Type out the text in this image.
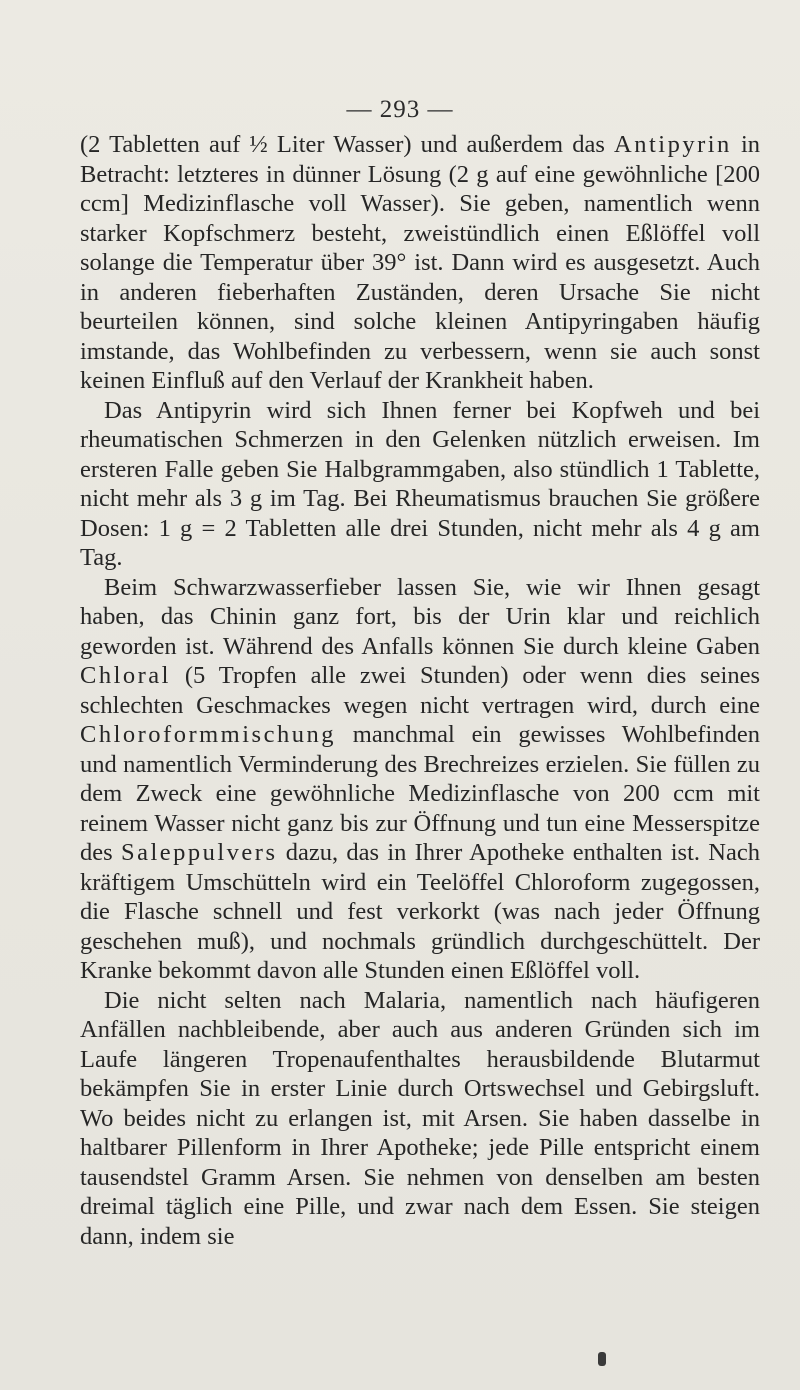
— 293 —

(2 Tabletten auf ½ Liter Wasser) und außerdem das Antipyrin in Betracht: letzteres in dünner Lösung (2 g auf eine gewöhnliche [200 ccm] Medizinflasche voll Wasser). Sie geben, namentlich wenn starker Kopfschmerz besteht, zweistündlich einen Eßlöffel voll solange die Temperatur über 39° ist. Dann wird es ausgesetzt. Auch in anderen fieberhaften Zuständen, deren Ursache Sie nicht beurteilen können, sind solche kleinen Antipyringaben häufig imstande, das Wohlbefinden zu verbessern, wenn sie auch sonst keinen Einfluß auf den Verlauf der Krankheit haben.

Das Antipyrin wird sich Ihnen ferner bei Kopfweh und bei rheumatischen Schmerzen in den Gelenken nützlich erweisen. Im ersteren Falle geben Sie Halbgrammgaben, also stündlich 1 Tablette, nicht mehr als 3 g im Tag. Bei Rheumatismus brauchen Sie größere Dosen: 1 g = 2 Tabletten alle drei Stunden, nicht mehr als 4 g am Tag.

Beim Schwarzwasserfieber lassen Sie, wie wir Ihnen gesagt haben, das Chinin ganz fort, bis der Urin klar und reichlich geworden ist. Während des Anfalls können Sie durch kleine Gaben Chloral (5 Tropfen alle zwei Stunden) oder wenn dies seines schlechten Geschmackes wegen nicht vertragen wird, durch eine Chloroformmischung manchmal ein gewisses Wohlbefinden und namentlich Verminderung des Brechreizes erzielen. Sie füllen zu dem Zweck eine gewöhnliche Medizinflasche von 200 ccm mit reinem Wasser nicht ganz bis zur Öffnung und tun eine Messerspitze des Saleppulvers dazu, das in Ihrer Apotheke enthalten ist. Nach kräftigem Umschütteln wird ein Teelöffel Chloroform zugegossen, die Flasche schnell und fest verkorkt (was nach jeder Öffnung geschehen muß), und nochmals gründlich durchgeschüttelt. Der Kranke bekommt davon alle Stunden einen Eßlöffel voll.

Die nicht selten nach Malaria, namentlich nach häufigeren Anfällen nachbleibende, aber auch aus anderen Gründen sich im Laufe längeren Tropenaufenthaltes herausbildende Blutarmut bekämpfen Sie in erster Linie durch Ortswechsel und Gebirgsluft. Wo beides nicht zu erlangen ist, mit Arsen. Sie haben dasselbe in haltbarer Pillenform in Ihrer Apotheke; jede Pille entspricht einem tausendstel Gramm Arsen. Sie nehmen von denselben am besten dreimal täglich eine Pille, und zwar nach dem Essen. Sie steigen dann, indem sie
